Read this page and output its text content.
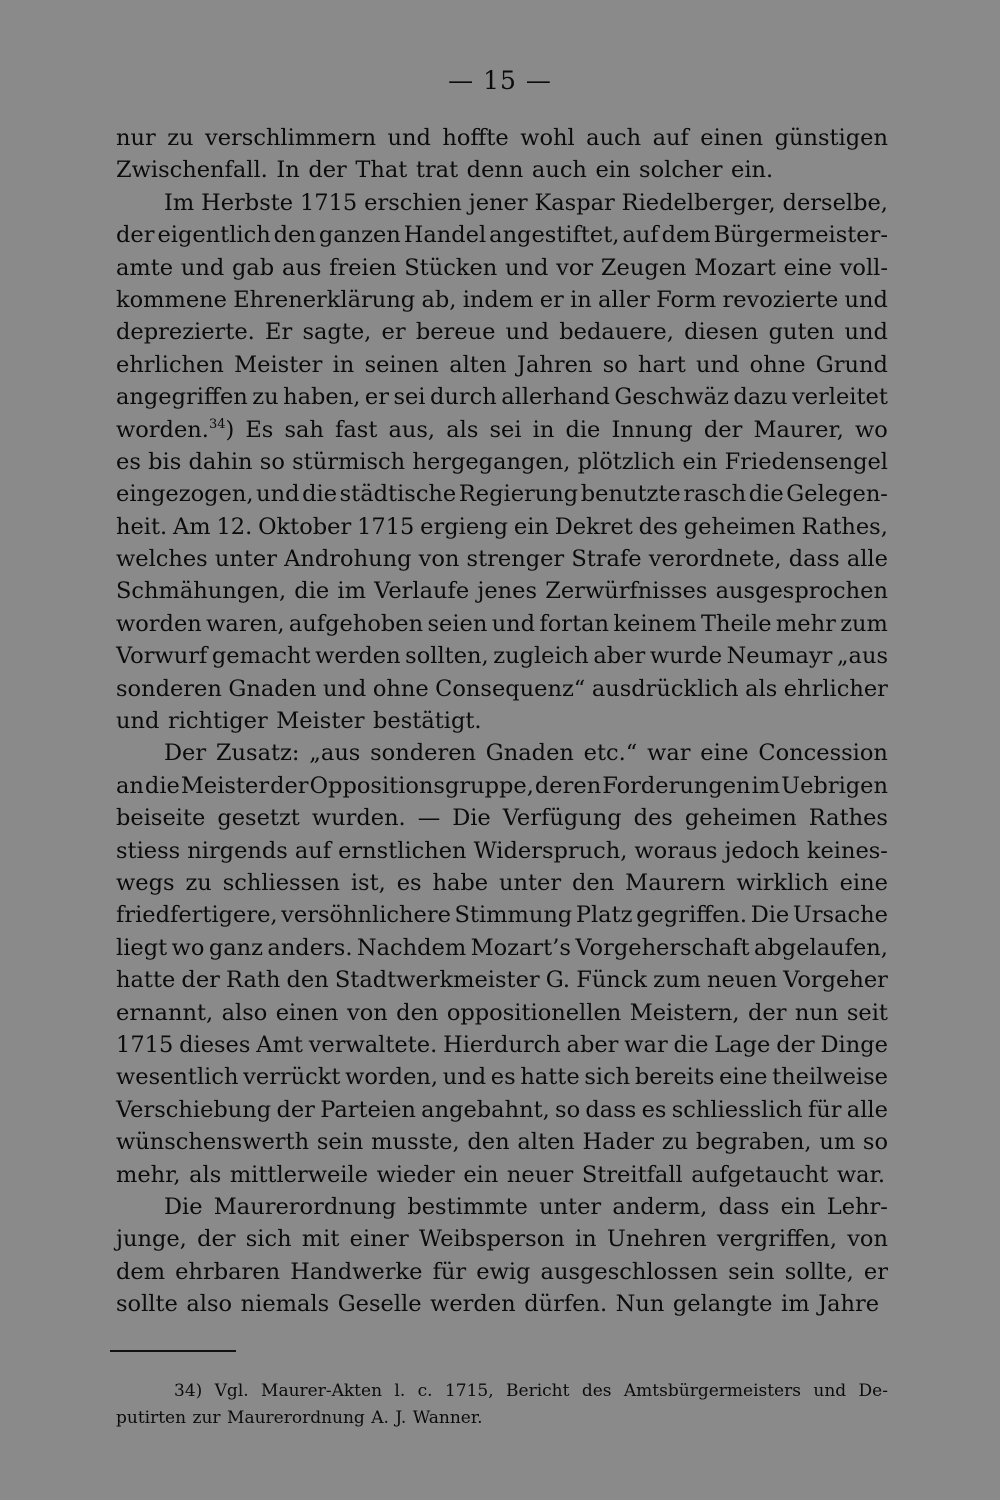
— 15 —
nur zu verschlimmern und hoffte wohl auch auf einen günstigen
Zwischenfall. In der That trat denn auch ein solcher ein.
Im Herbste 1715 erschien jener Kaspar Riedelberger, derselbe,
der eigentlich den ganzen Handel angestiftet, auf dem Bürgermeister-
amte und gab aus freien Stücken und vor Zeugen Mozart eine voll-
kommene Ehrenerklärung ab, indem er in aller Form revozierte und
deprezierte. Er sagte, er bereue und bedauere, diesen guten und
ehrlichen Meister in seinen alten Jahren so hart und ohne Grund
angegriffen zu haben, er sei durch allerhand Geschwäz dazu verleitet
worden.$^{34}$) Es sah fast aus, als sei in die Innung der Maurer, wo
es bis dahin so stürmisch hergegangen, plötzlich ein Friedensengel
eingezogen, und die städtische Regierung benutzte rasch die Gelegen-
heit. Am 12. Oktober 1715 ergieng ein Dekret des geheimen Rathes,
welches unter Androhung von strenger Strafe verordnete, dass alle
Schmähungen, die im Verlaufe jenes Zerwürfnisses ausgesprochen
worden waren, aufgehoben seien und fortan keinem Theile mehr zum
Vorwurf gemacht werden sollten, zugleich aber wurde Neumayr „aus
sonderen Gnaden und ohne Consequenz“ ausdrücklich als ehrlicher
und richtiger Meister bestätigt.
Der Zusatz: „aus sonderen Gnaden etc.“ war eine Concession
an die Meister der Oppositionsgruppe, deren Forderungen im Uebrigen
beiseite gesetzt wurden. — Die Verfügung des geheimen Rathes
stiess nirgends auf ernstlichen Widerspruch, woraus jedoch keines-
wegs zu schliessen ist, es habe unter den Maurern wirklich eine
friedfertigere, versöhnlichere Stimmung Platz gegriffen. Die Ursache
liegt wo ganz anders. Nachdem Mozart’s Vorgeherschaft abgelaufen,
hatte der Rath den Stadtwerkmeister G. Fünck zum neuen Vorgeher
ernannt, also einen von den oppositionellen Meistern, der nun seit
1715 dieses Amt verwaltete. Hierdurch aber war die Lage der Dinge
wesentlich verrückt worden, und es hatte sich bereits eine theilweise
Verschiebung der Parteien angebahnt, so dass es schliesslich für alle
wünschenswerth sein musste, den alten Hader zu begraben, um so
mehr, als mittlerweile wieder ein neuer Streitfall aufgetaucht war.
Die Maurerordnung bestimmte unter anderm, dass ein Lehr-
junge, der sich mit einer Weibsperson in Unehren vergriffen, von
dem ehrbaren Handwerke für ewig ausgeschlossen sein sollte, er
sollte also niemals Geselle werden dürfen. Nun gelangte im Jahre
34) Vgl. Maurer-Akten l. c. 1715, Bericht des Amtsbürgermeisters und De-
putirten zur Maurerordnung A. J. Wanner.
